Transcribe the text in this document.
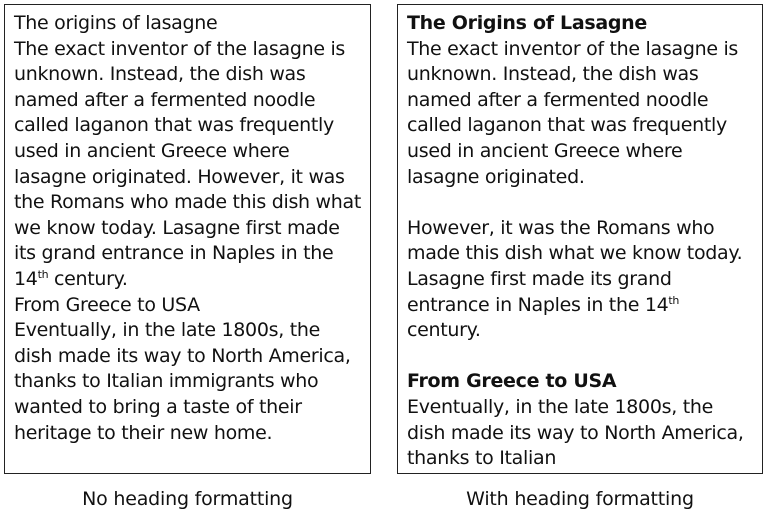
The origins of lasagne

The exact inventor of the lasagne is unknown. Instead, the dish was named after a fermented noodle called laganon that was frequently used in ancient Greece where lasagne originated. However, it was the Romans who made this dish what we know today. Lasagne first made its grand entrance in Naples in the 14th century.

From Greece to USA

Eventually, in the late 1800s, the dish made its way to North America, thanks to Italian immigrants who wanted to bring a taste of their heritage to their new home.

The Origins of Lasagne

The exact inventor of the lasagne is unknown. Instead, the dish was named after a fermented noodle called laganon that was frequently used in ancient Greece where lasagne originated.

However, it was the Romans who made this dish what we know today. Lasagne first made its grand entrance in Naples in the 14th century.

From Greece to USA

Eventually, in the late 1800s, the dish made its way to North America, thanks to Italian

No heading formatting	With heading formatting
